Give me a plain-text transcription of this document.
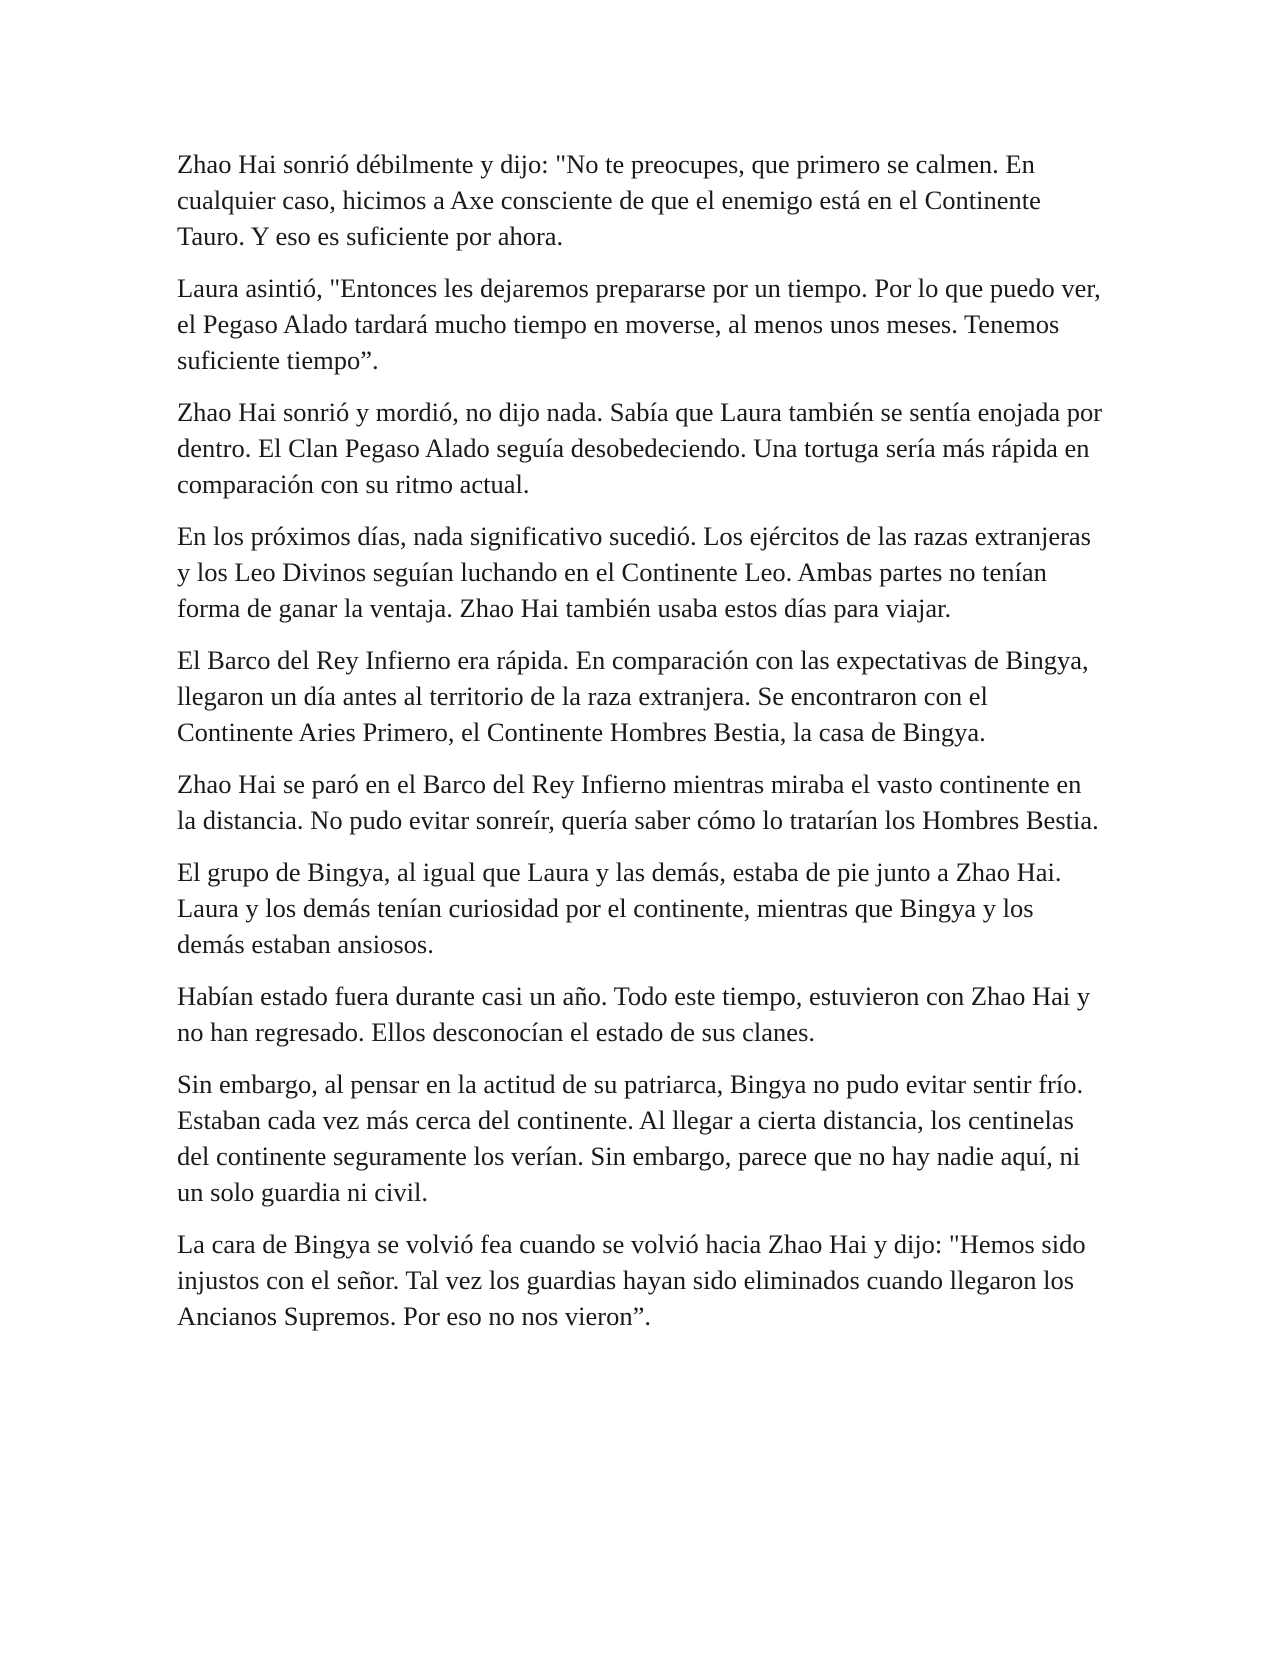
Zhao Hai sonrió débilmente y dijo: "No te preocupes, que primero se calmen. En cualquier caso, hicimos a Axe consciente de que el enemigo está en el Continente Tauro. Y eso es suficiente por ahora.

Laura asintió, "Entonces les dejaremos prepararse por un tiempo. Por lo que puedo ver, el Pegaso Alado tardará mucho tiempo en moverse, al menos unos meses. Tenemos suficiente tiempo”.

Zhao Hai sonrió y mordió, no dijo nada. Sabía que Laura también se sentía enojada por dentro. El Clan Pegaso Alado seguía desobedeciendo. Una tortuga sería más rápida en comparación con su ritmo actual.

En los próximos días, nada significativo sucedió. Los ejércitos de las razas extranjeras y los Leo Divinos seguían luchando en el Continente Leo. Ambas partes no tenían forma de ganar la ventaja. Zhao Hai también usaba estos días para viajar.

El Barco del Rey Infierno era rápida. En comparación con las expectativas de Bingya, llegaron un día antes al territorio de la raza extranjera. Se encontraron con el Continente Aries Primero, el Continente Hombres Bestia, la casa de Bingya.

Zhao Hai se paró en el Barco del Rey Infierno mientras miraba el vasto continente en la distancia. No pudo evitar sonreír, quería saber cómo lo tratarían los Hombres Bestia.

El grupo de Bingya, al igual que Laura y las demás, estaba de pie junto a Zhao Hai. Laura y los demás tenían curiosidad por el continente, mientras que Bingya y los demás estaban ansiosos.

Habían estado fuera durante casi un año. Todo este tiempo, estuvieron con Zhao Hai y no han regresado. Ellos desconocían el estado de sus clanes.

Sin embargo, al pensar en la actitud de su patriarca, Bingya no pudo evitar sentir frío. Estaban cada vez más cerca del continente. Al llegar a cierta distancia, los centinelas del continente seguramente los verían. Sin embargo, parece que no hay nadie aquí, ni un solo guardia ni civil.

La cara de Bingya se volvió fea cuando se volvió hacia Zhao Hai y dijo: "Hemos sido injustos con el señor. Tal vez los guardias hayan sido eliminados cuando llegaron los Ancianos Supremos. Por eso no nos vieron”.
